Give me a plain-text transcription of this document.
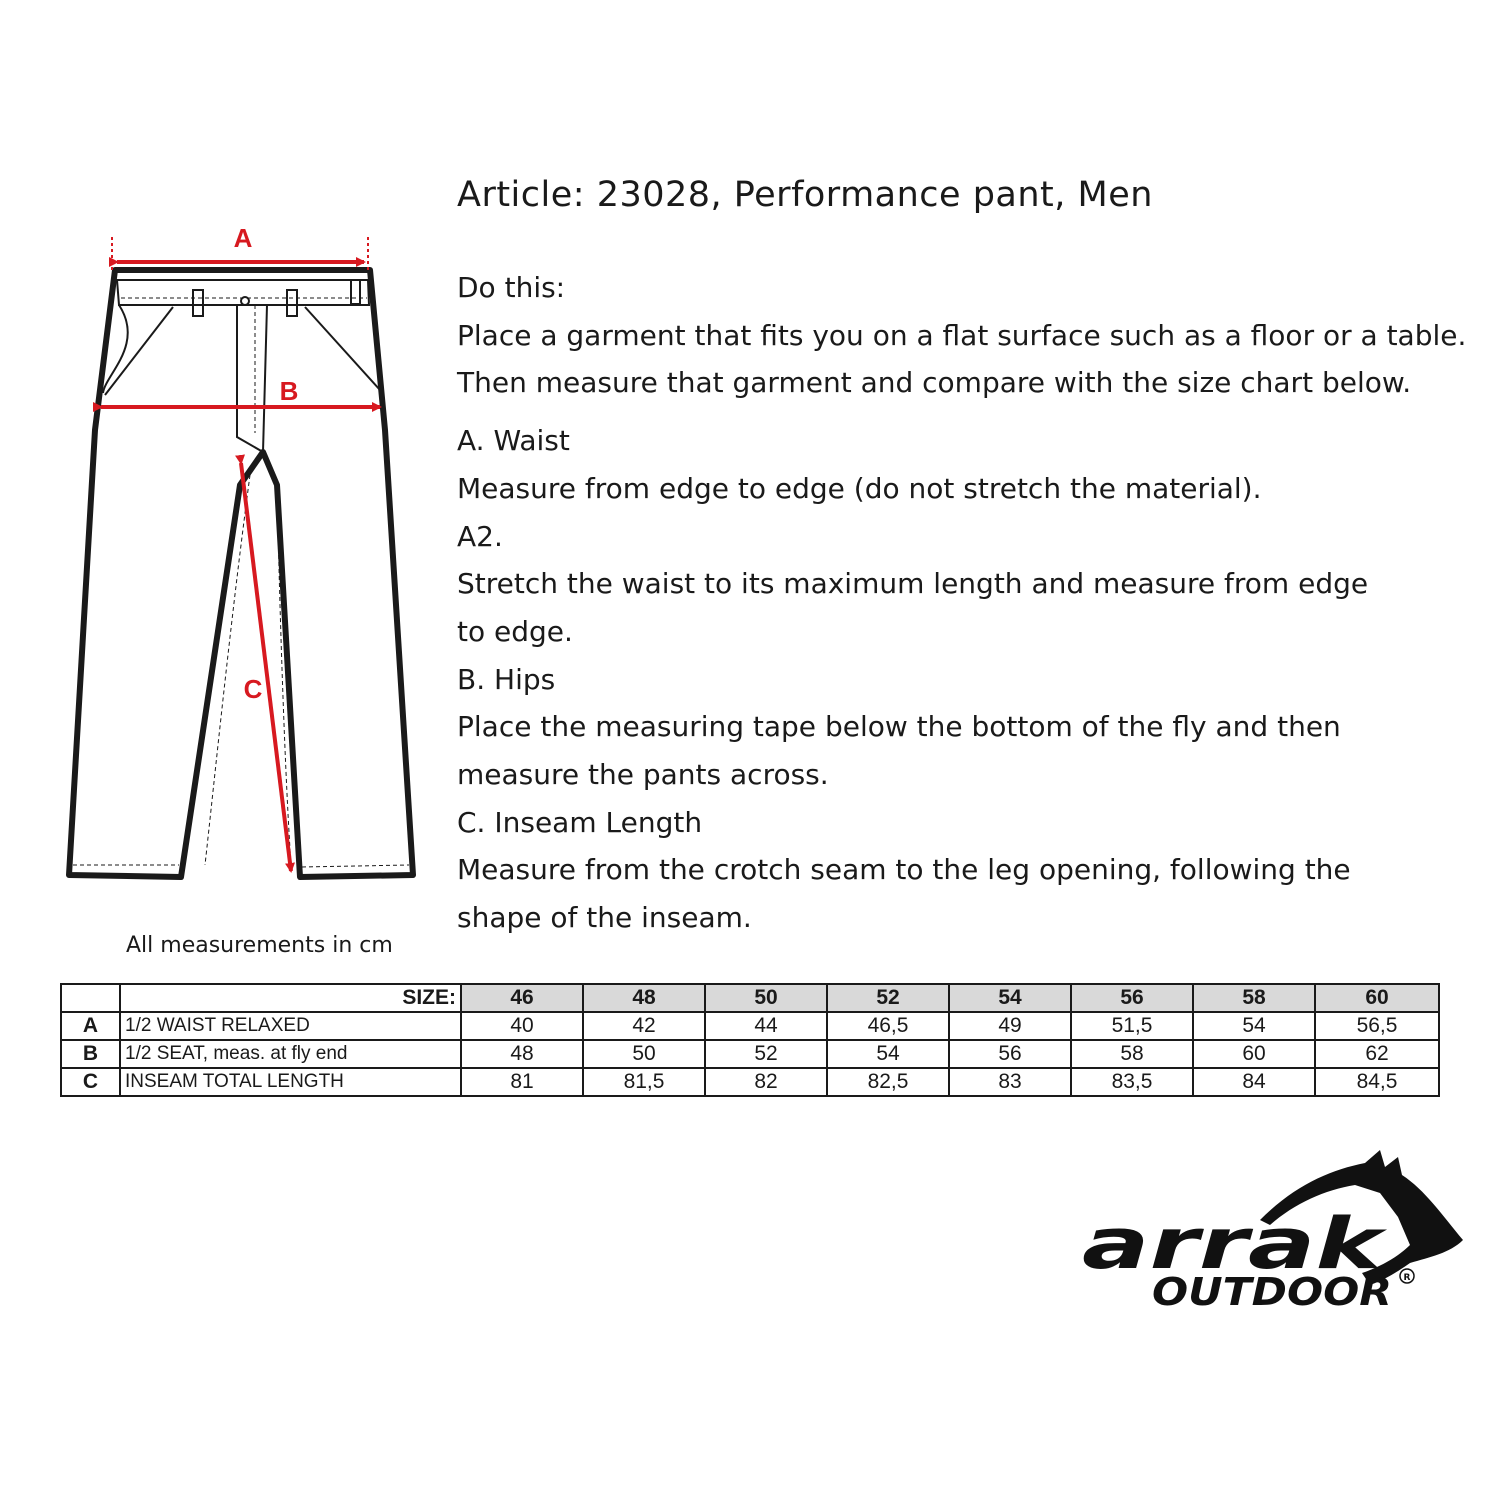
Article: 23028, Performance pant, Men
Do this:
Place a garment that fits you on a flat surface such as a floor or a table.
Then measure that garment and compare with the size chart below.
A. Waist
Measure from edge to edge (do not stretch the material).
A2.
Stretch the waist to its maximum length and measure from edge to edge.
B. Hips
Place the measuring tape below the bottom of the fly and then measure the pants across.
C. Inseam Length
Measure from the crotch seam to the leg opening, following the shape of the inseam.
A
B
C
All measurements in cm
	SIZE:	46	48	50	52	54	56	58	60
A	1/2 WAIST RELAXED	40	42	44	46,5	49	51,5	54	56,5
B	1/2 SEAT, meas. at fly end	48	50	52	54	56	58	60	62
C	INSEAM TOTAL LENGTH	81	81,5	82	82,5	83	83,5	84	84,5
arrak
OUTDOOR R
